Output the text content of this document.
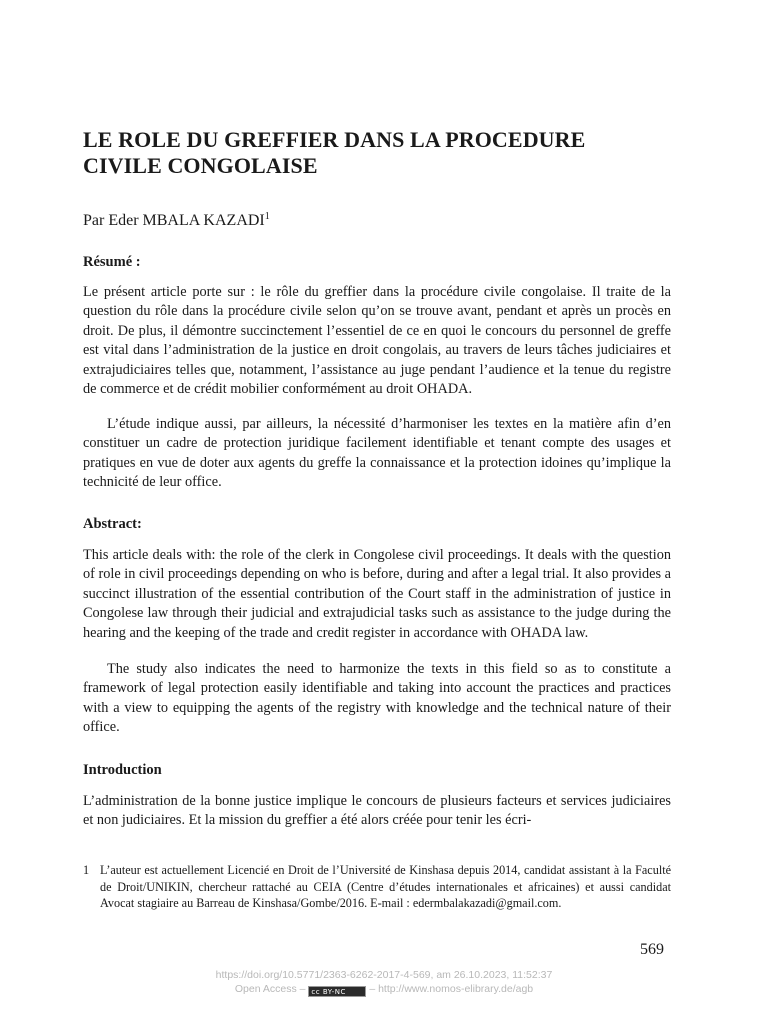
LE ROLE DU GREFFIER DANS LA PROCEDURE
CIVILE CONGOLAISE
Par Eder MBALA KAZADI$^1$
Résumé :

Le présent article porte sur : le rôle du greffier dans la procédure civile congolaise. Il traite de la question du rôle dans la procédure civile selon qu’on se trouve avant, pendant et après un procès en droit. De plus, il démontre succinctement l’essentiel de ce en quoi le concours du personnel de greffe est vital dans l’administration de la justice en droit congolais, au travers de leurs tâches judiciaires et extrajudiciaires telles que, notamment, l’assistance au juge pendant l’audience et la tenue du registre de commerce et de crédit mobilier conformément au droit OHADA.

L’étude indique aussi, par ailleurs, la nécessité d’harmoniser les textes en la matière afin d’en constituer un cadre de protection juridique facilement identifiable et tenant compte des usages et pratiques en vue de doter aux agents du greffe la connaissance et la protection idoines qu’implique la technicité de leur office.

Abstract:

This article deals with: the role of the clerk in Congolese civil proceedings. It deals with the question of role in civil proceedings depending on who is before, during and after a legal trial. It also provides a succinct illustration of the essential contribution of the Court staff in the administration of justice in Congolese law through their judicial and extrajudicial tasks such as assistance to the judge during the hearing and the keeping of the trade and credit register in accordance with OHADA law.

The study also indicates the need to harmonize the texts in this field so as to constitute a framework of legal protection easily identifiable and taking into account the practices and practices with a view to equipping the agents of the registry with knowledge and the technical nature of their office.

Introduction

L’administration de la bonne justice implique le concours de plusieurs facteurs et services judiciaires et non judiciaires. Et la mission du greffier a été alors créée pour tenir les écri-

1 L’auteur est actuellement Licencié en Droit de l’Université de Kinshasa depuis 2014, candidat assistant à la Faculté de Droit/UNIKIN, chercheur rattaché au CEIA (Centre d’études internationales et africaines) et aussi candidat Avocat stagiaire au Barreau de Kinshasa/Gombe/2016. E-mail : edermbalakazadi@gmail.com.
569
https://doi.org/10.5771/2363-6262-2017-4-569, am 26.10.2023, 11:52:37
Open Access – cc BY-NC – http://www.nomos-elibrary.de/agb
